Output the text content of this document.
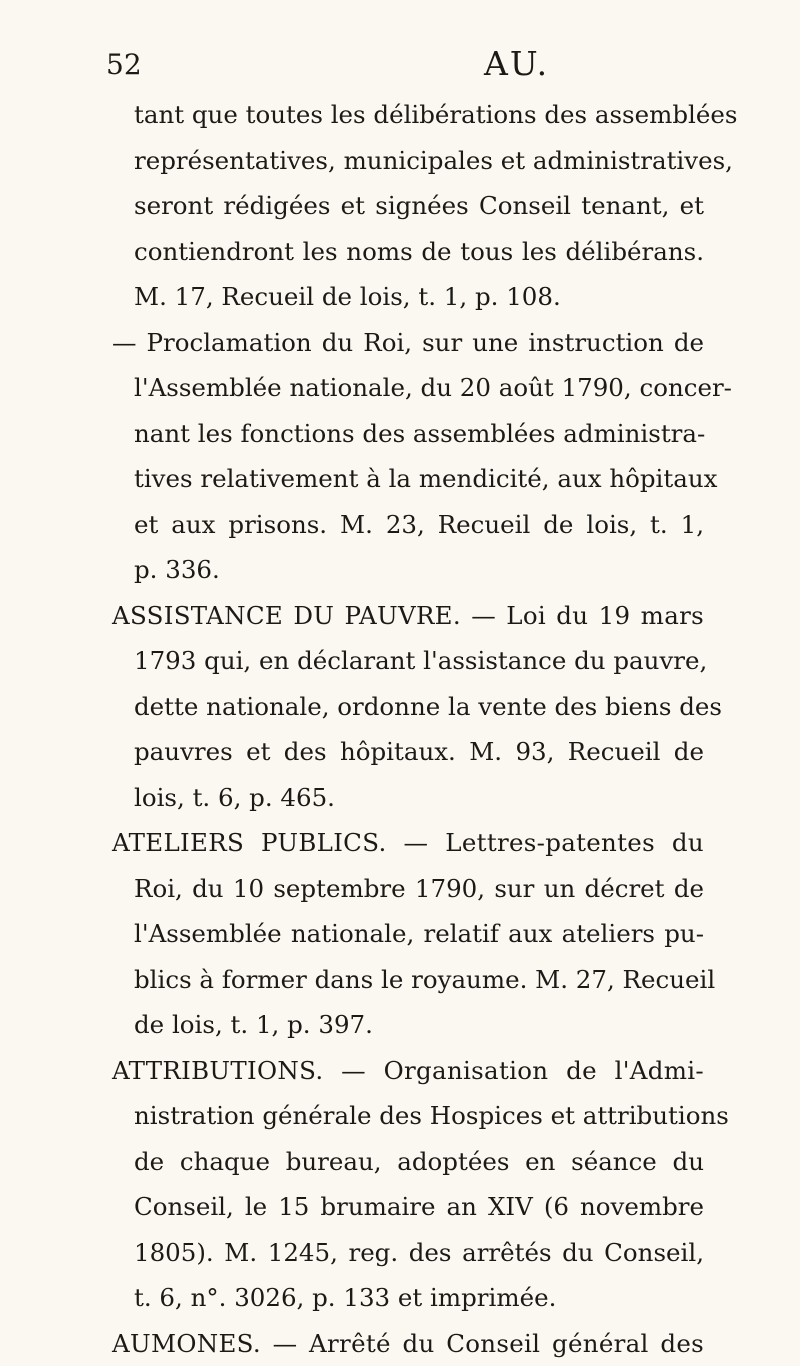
52	AU.
tant que toutes les délibérations des assemblées
représentatives, municipales et administratives,
seront rédigées et signées Conseil tenant, et
contiendront les noms de tous les délibérans.
M. 17, Recueil de lois, t. 1, p. 108.
— Proclamation du Roi, sur une instruction de
l'Assemblée nationale, du 20 août 1790, concer-
nant les fonctions des assemblées administra-
tives relativement à la mendicité, aux hôpitaux
et aux prisons. M. 23, Recueil de lois, t. 1,
p. 336.
ASSISTANCE DU PAUVRE. — Loi du 19 mars
1793 qui, en déclarant l'assistance du pauvre,
dette nationale, ordonne la vente des biens des
pauvres et des hôpitaux. M. 93, Recueil de
lois, t. 6, p. 465.
ATELIERS PUBLICS. — Lettres-patentes du
Roi, du 10 septembre 1790, sur un décret de
l'Assemblée nationale, relatif aux ateliers pu-
blics à former dans le royaume. M. 27, Recueil
de lois, t. 1, p. 397.
ATTRIBUTIONS. — Organisation de l'Admi-
nistration générale des Hospices et attributions
de chaque bureau, adoptées en séance du
Conseil, le 15 brumaire an XIV (6 novembre
1805). M. 1245, reg. des arrêtés du Conseil,
t. 6, n°. 3026, p. 133 et imprimée.
AUMONES. — Arrêté du Conseil général des
